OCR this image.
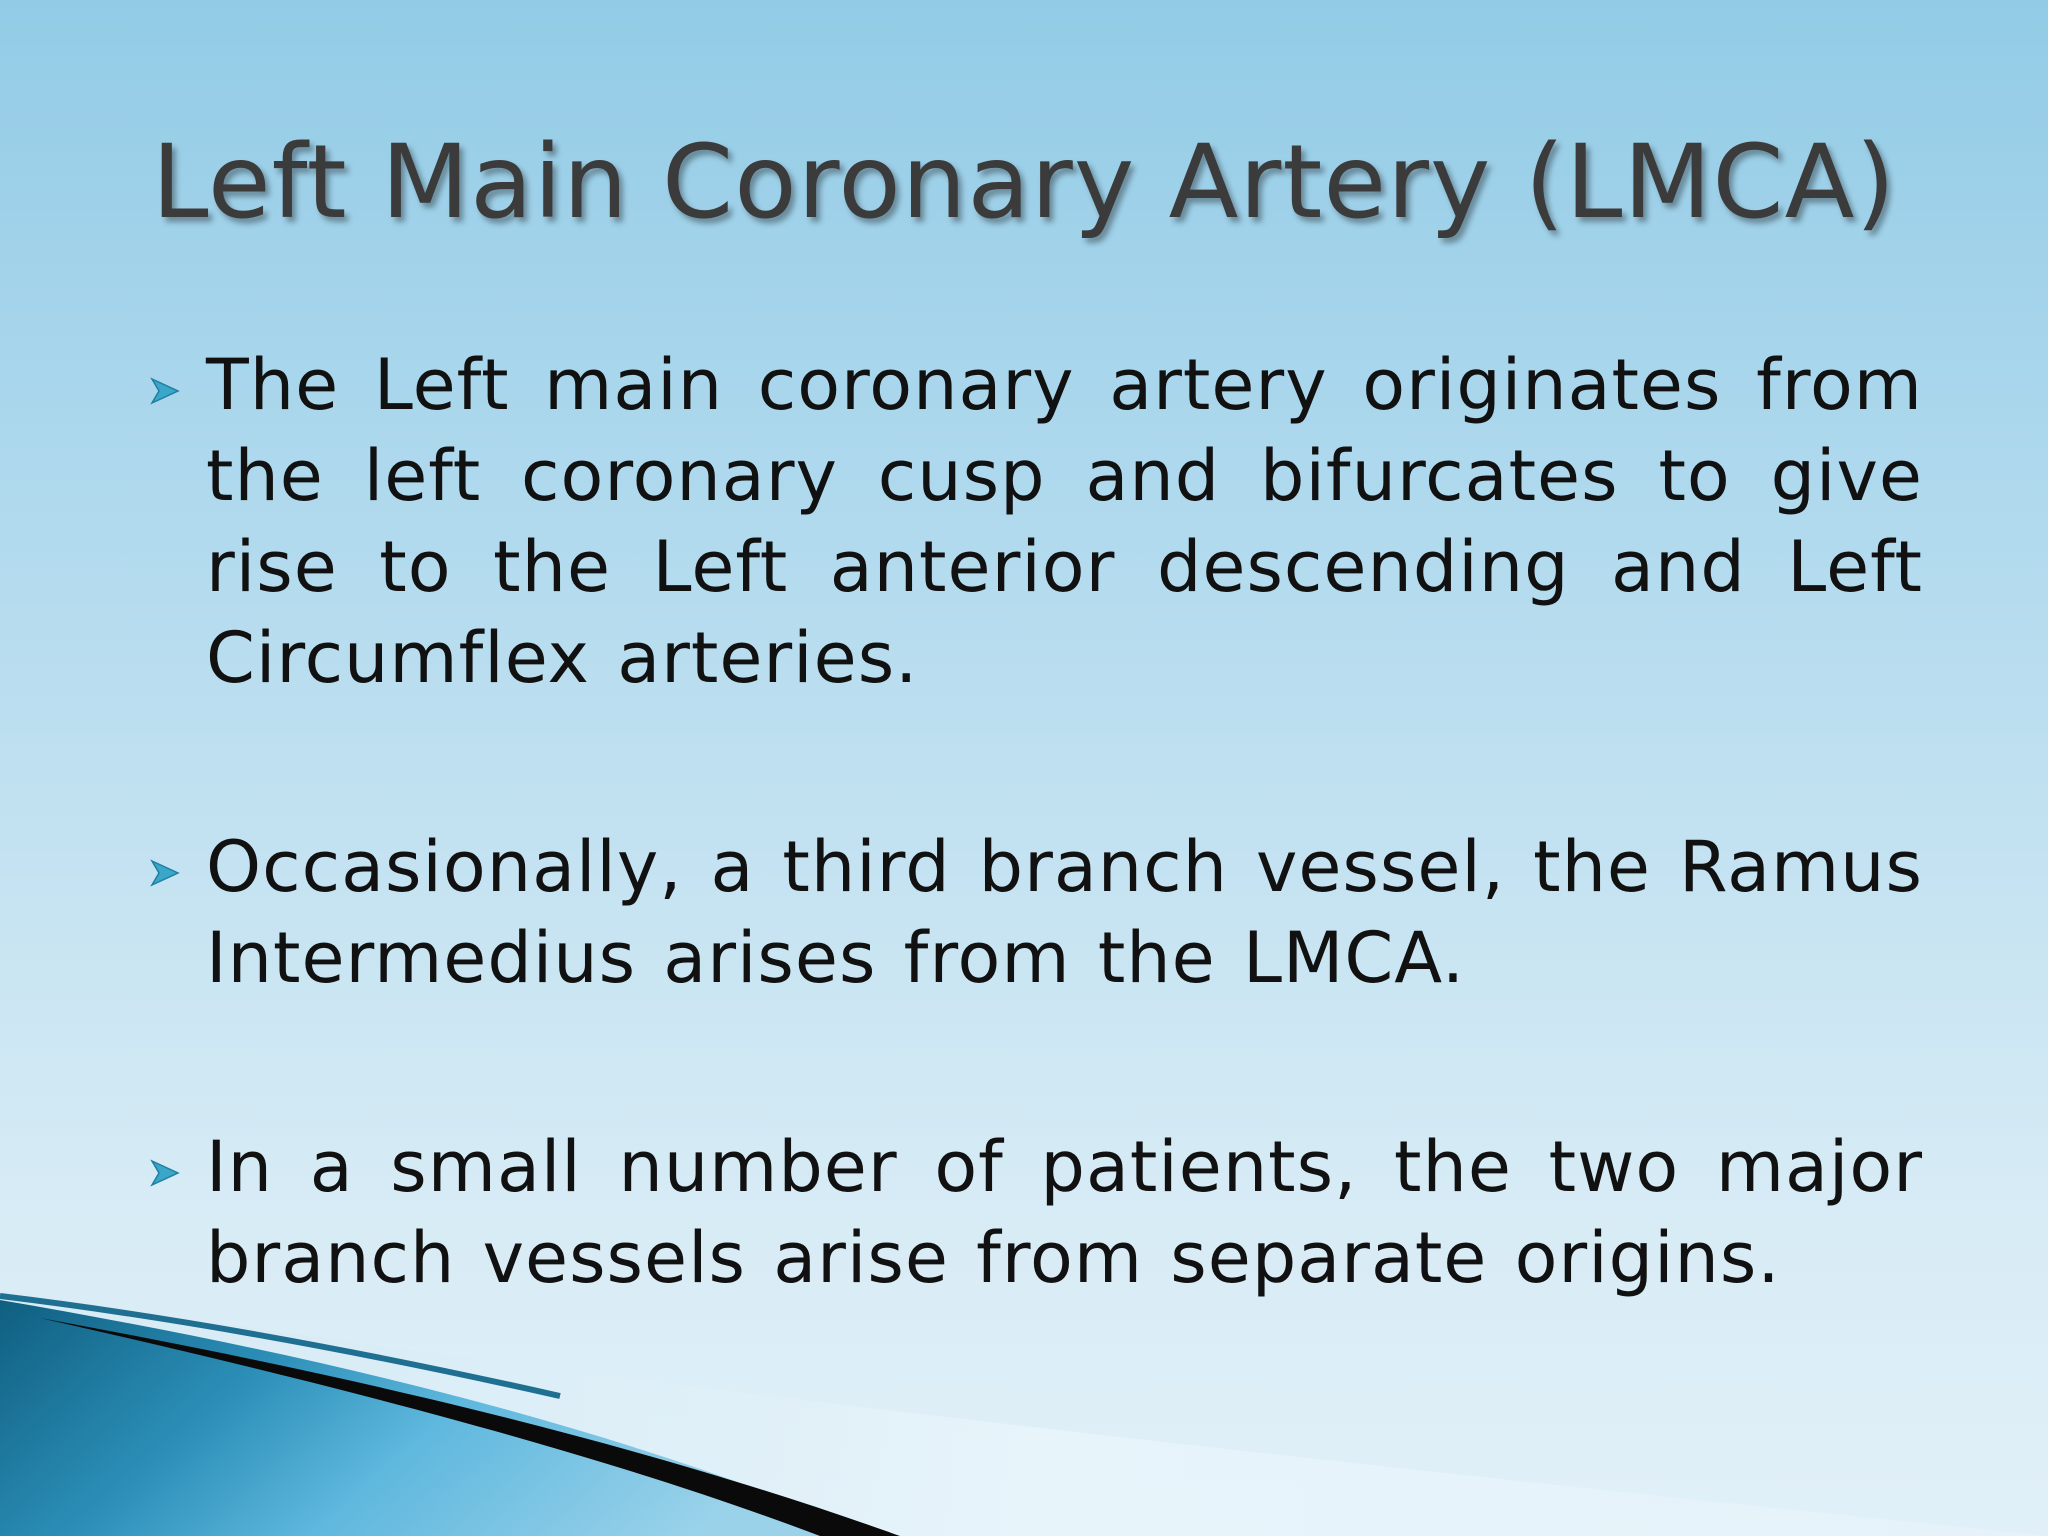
Left Main Coronary Artery (LMCA)
The Left main coronary artery originates from the left coronary cusp and bifurcates to give rise to the Left anterior descending and Left Circumflex arteries.
Occasionally, a third branch vessel, the Ramus Intermedius arises from the LMCA.
In a small number of patients, the two major branch vessels arise from separate origins.
